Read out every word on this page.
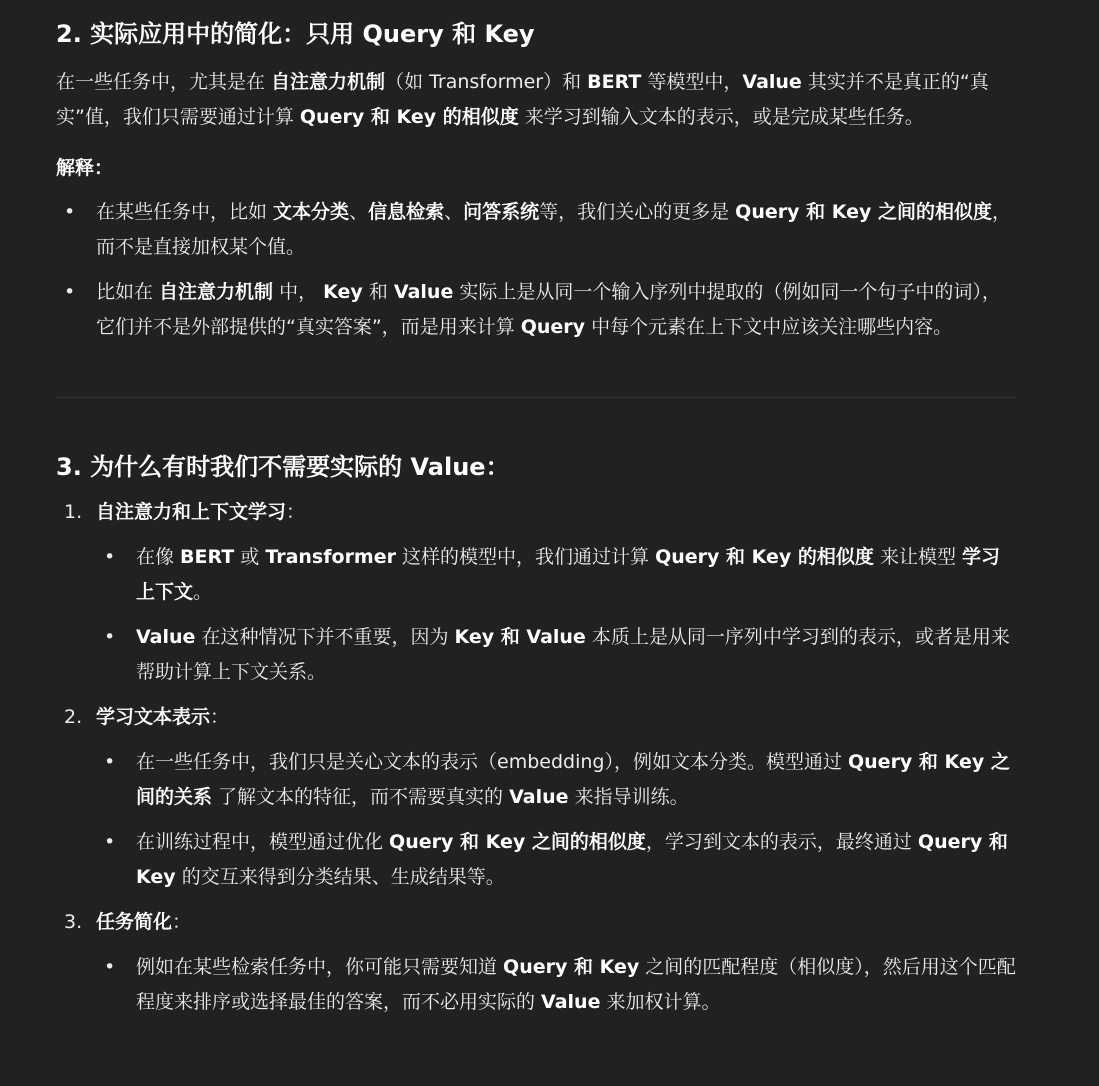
2. 实际应用中的简化：只用 Query 和 Key

在一些任务中，尤其是在 自注意力机制（如 Transformer）和 BERT 等模型中，Value 其实并不是真正的“真实”值，我们只需要通过计算 Query 和 Key 的相似度 来学习到输入文本的表示，或是完成某些任务。

解释：

• 在某些任务中，比如 文本分类、信息检索、问答系统等，我们关心的更多是 Query 和 Key 之间的相似度，而不是直接加权某个值。
• 比如在 自注意力机制 中， Key 和 Value 实际上是从同一个输入序列中提取的（例如同一个句子中的词），它们并不是外部提供的“真实答案”，而是用来计算 Query 中每个元素在上下文中应该关注哪些内容。
3. 为什么有时我们不需要实际的 Value：
1. 自注意力和上下文学习：
• 在像 BERT 或 Transformer 这样的模型中，我们通过计算 Query 和 Key 的相似度 来让模型 学习上下文。
• Value 在这种情况下并不重要，因为 Key 和 Value 本质上是从同一序列中学习到的表示，或者是用来帮助计算上下文关系。
2. 学习文本表示：
• 在一些任务中，我们只是关心文本的表示（embedding），例如文本分类。模型通过 Query 和 Key 之间的关系 了解文本的特征，而不需要真实的 Value 来指导训练。
• 在训练过程中，模型通过优化 Query 和 Key 之间的相似度，学习到文本的表示，最终通过 Query 和 Key 的交互来得到分类结果、生成结果等。
3. 任务简化：
• 例如在某些检索任务中，你可能只需要知道 Query 和 Key 之间的匹配程度（相似度），然后用这个匹配程度来排序或选择最佳的答案，而不必用实际的 Value 来加权计算。
